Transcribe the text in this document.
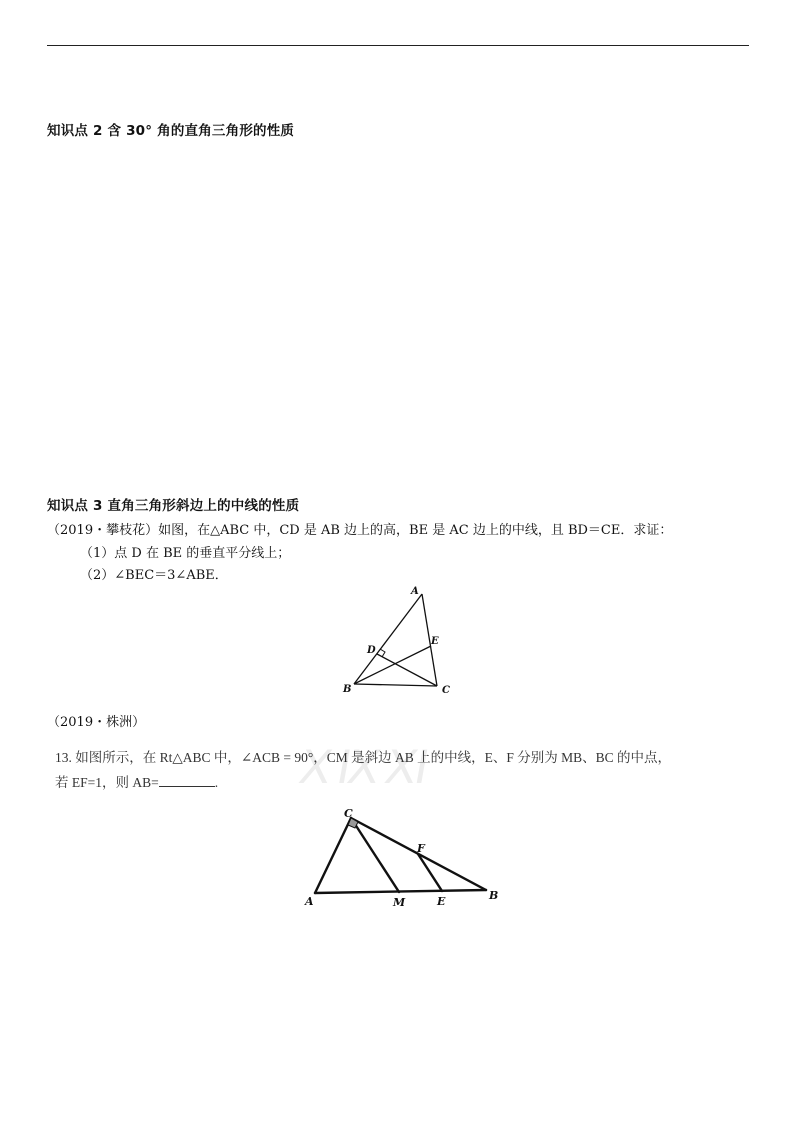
知识点 2 含 30° 角的直角三角形的性质
知识点 3 直角三角形斜边上的中线的性质
（2019・攀枝花）如图，在△ABC 中，CD 是 AB 边上的高，BE 是 AC 边上的中线，且 BD＝CE．求证：
（1）点 D 在 BE 的垂直平分线上；
（2）∠BEC＝3∠ABE．
A
B	C
D
E
（2019・株洲）
ⅩⅨⅪ
13. 如图所示，在 Rt△ABC 中，∠ACB = 90°，CM 是斜边 AB 上的中线，E、F 分别为 MB、BC 的中点，
若 EF=1，则 AB=	.
C
A	M	E	B
F
